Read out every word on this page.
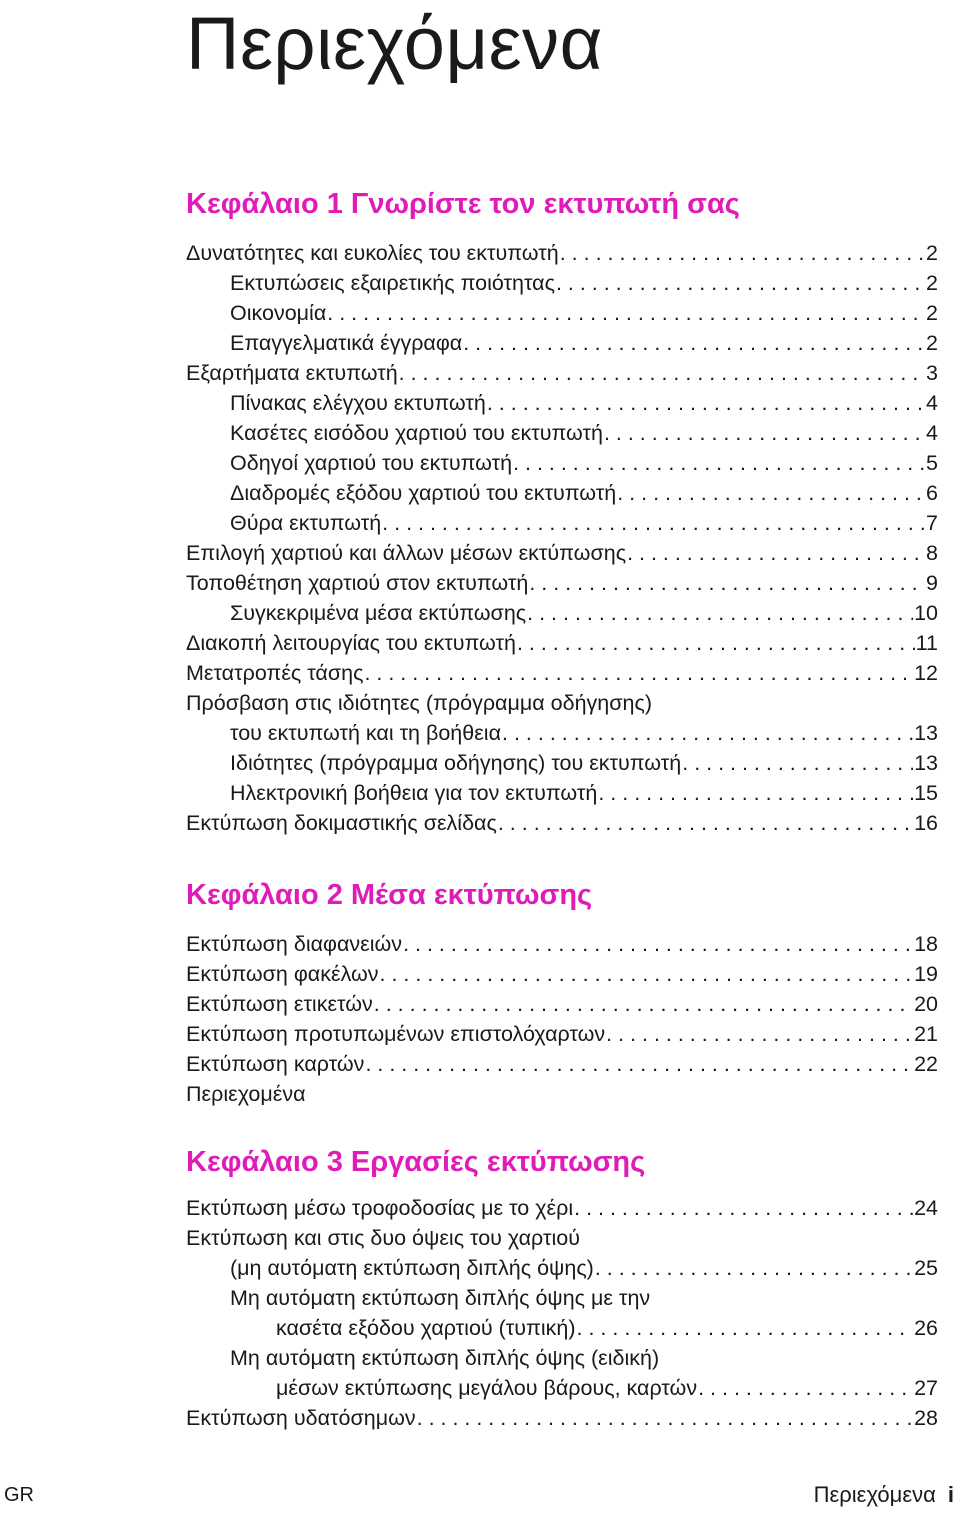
Περιεχόμενα
Κεφάλαιο 1 Γνωρίστε τον εκτυπωτή σας
Δυνατότητες και ευκολίες του εκτυπωτή . . .	2
Εκτυπώσεις εξαιρετικής ποιότητας . . .	2
Οικονομία . . .	2
Επαγγελματικά έγγραφα . . .	2
Εξαρτήματα εκτυπωτή . . .	3
Πίνακας ελέγχου εκτυπωτή . . .	4
Κασέτες εισόδου χαρτιού του εκτυπωτή . . .	4
Οδηγοί χαρτιού του εκτυπωτή . . .	5
Διαδρομές εξόδου χαρτιού του εκτυπωτή . . .	6
Θύρα εκτυπωτή . . .	7
Επιλογή χαρτιού και άλλων μέσων εκτύπωσης . . .	8
Τοποθέτηση χαρτιού στον εκτυπωτή . . .	9
Συγκεκριμένα μέσα εκτύπωσης . . .	10
Διακοπή λειτουργίας του εκτυπωτή . . .	11
Μετατροπές τάσης . . .	12
Πρόσβαση στις ιδιότητες (πρόγραμμα οδήγησης)
του εκτυπωτή και τη βοήθεια . . .	13
Ιδιότητες (πρόγραμμα οδήγησης) του εκτυπωτή . . .	13
Ηλεκτρονική βοήθεια για τον εκτυπωτή . . .	15
Εκτύπωση δοκιμαστικής σελίδας . . .	16
Κεφάλαιο 2 Μέσα εκτύπωσης
Εκτύπωση διαφανειών . . .	18
Εκτύπωση φακέλων . . .	19
Εκτύπωση ετικετών . . .	20
Εκτύπωση προτυπωμένων επιστολόχαρτων . . .	21
Εκτύπωση καρτών . . .	22
Περιεχομένα
Κεφάλαιο 3 Εργασίες εκτύπωσης
Εκτύπωση μέσω τροφοδοσίας με το χέρι . . .	24
Εκτύπωση και στις δυο όψεις του χαρτιού
(μη αυτόματη εκτύπωση διπλής όψης) . . .	25
Μη αυτόματη εκτύπωση διπλής όψης με την
κασέτα εξόδου χαρτιού (τυπική) . . .	26
Μη αυτόματη εκτύπωση διπλής όψης (ειδική)
μέσων εκτύπωσης μεγάλου βάρους, καρτών . . .	27
Εκτύπωση υδατόσημων . . .	28
GR	Περιεχόμενα i
